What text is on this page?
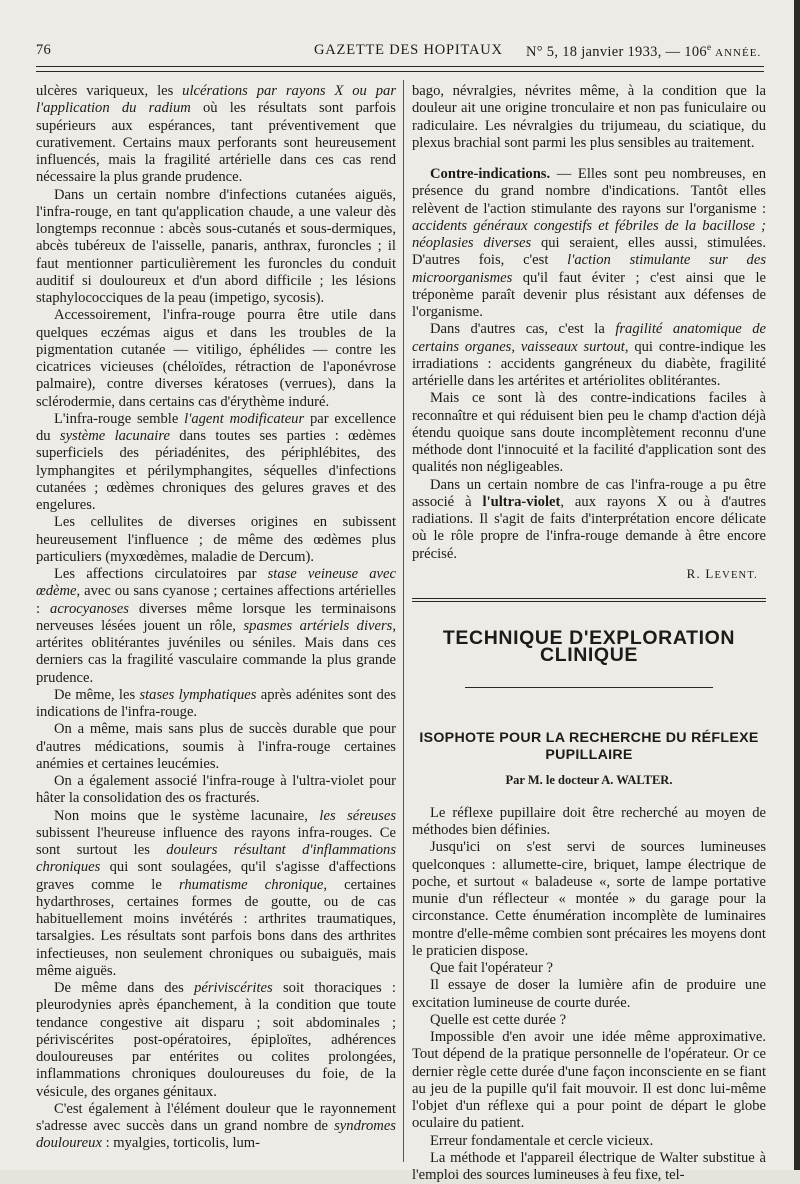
76	GAZETTE DES HOPITAUX N° 5, 18 janvier 1933, — 106e ANNÉE.

ulcères variqueux, les ulcérations par rayons X ou par l'application du radium où les résultats sont parfois supérieurs aux espérances, tant préventivement que curativement. Certains maux perforants sont heureusement influencés, mais la fragilité artérielle dans ces cas rend nécessaire la plus grande prudence.

Dans un certain nombre d'infections cutanées aiguës, l'infra-rouge, en tant qu'application chaude, a une valeur dès longtemps reconnue : abcès sous-cutanés et sous-dermiques, abcès tubéreux de l'aisselle, panaris, anthrax, furoncles ; il faut mentionner particulièrement les furoncles du conduit auditif si douloureux et d'un abord difficile ; les lésions staphylococciques de la peau (impetigo, sycosis).

Accessoirement, l'infra-rouge pourra être utile dans quelques eczémas aigus et dans les troubles de la pigmentation cutanée — vitiligo, éphélides — contre les cicatrices vicieuses (chéloïdes, rétraction de l'aponévrose palmaire), contre diverses kératoses (verrues), dans la sclérodermie, dans certains cas d'érythème induré.

L'infra-rouge semble l'agent modificateur par excellence du système lacunaire dans toutes ses parties : œdèmes superficiels des périadénites, des périphlébites, des lymphangites et périlymphangites, séquelles d'infections cutanées ; œdèmes chroniques des gelures graves et des engelures.

Les cellulites de diverses origines en subissent heureusement l'influence ; de même des œdèmes plus particuliers (myxœdèmes, maladie de Dercum).

Les affections circulatoires par stase veineuse avec œdème, avec ou sans cyanose ; certaines affections artérielles : acrocyanoses diverses même lorsque les terminaisons nerveuses lésées jouent un rôle, spasmes artériels divers, artérites oblitérantes juvéniles ou séniles. Mais dans ces derniers cas la fragilité vasculaire commande la plus grande prudence.

De même, les stases lymphatiques après adénites sont des indications de l'infra-rouge.

On a même, mais sans plus de succès durable que pour d'autres médications, soumis à l'infra-rouge certaines anémies et certaines leucémies.

On a également associé l'infra-rouge à l'ultra-violet pour hâter la consolidation des os fracturés.

Non moins que le système lacunaire, les séreuses subissent l'heureuse influence des rayons infra-rouges. Ce sont surtout les douleurs résultant d'inflammations chroniques qui sont soulagées, qu'il s'agisse d'affections graves comme le rhumatisme chronique, certaines hydarthroses, certaines formes de goutte, ou de cas habituellement moins invétérés : arthrites traumatiques, tarsalgies. Les résultats sont parfois bons dans des arthrites infectieuses, non seulement chroniques ou subaiguës, mais même aiguës.

De même dans des périviscérites soit thoraciques : pleurodynies après épanchement, à la condition que toute tendance congestive ait disparu ; soit abdominales ; périviscérites post-opératoires, épiploïtes, adhérences douloureuses par entérites ou colites prolongées, inflammations chroniques douloureuses du foie, de la vésicule, des organes génitaux.

C'est également à l'élément douleur que le rayonnement s'adresse avec succès dans un grand nombre de syndromes douloureux : myalgies, torticolis, lum-

bago, névralgies, névrites même, à la condition que la douleur ait une origine tronculaire et non pas funiculaire ou radiculaire. Les névralgies du trijumeau, du sciatique, du plexus brachial sont parmi les plus sensibles au traitement.

Contre-indications. — Elles sont peu nombreuses, en présence du grand nombre d'indications. Tantôt elles relèvent de l'action stimulante des rayons sur l'organisme : accidents généraux congestifs et fébriles de la bacillose ; néoplasies diverses qui seraient, elles aussi, stimulées. D'autres fois, c'est l'action stimulante sur des microorganismes qu'il faut éviter ; c'est ainsi que le tréponème paraît devenir plus résistant aux défenses de l'organisme.

Dans d'autres cas, c'est la fragilité anatomique de certains organes, vaisseaux surtout, qui contre-indique les irradiations : accidents gangréneux du diabète, fragilité artérielle dans les artérites et artériolites oblitérantes.

Mais ce sont là des contre-indications faciles à reconnaître et qui réduisent bien peu le champ d'action déjà étendu quoique sans doute incomplètement reconnu d'une méthode dont l'innocuité et la facilité d'application sont des qualités non négligeables.

Dans un certain nombre de cas l'infra-rouge a pu être associé à l'ultra-violet, aux rayons X ou à d'autres radiations. Il s'agit de faits d'interprétation encore délicate où le rôle propre de l'infra-rouge demande à être encore précisé.

R. LEVENT.
TECHNIQUE D'EXPLORATION CLINIQUE
ISOPHOTE POUR LA RECHERCHE DU RÉFLEXE
PUPILLAIRE
Par M. le docteur A. WALTER.

Le réflexe pupillaire doit être recherché au moyen de méthodes bien définies.

Jusqu'ici on s'est servi de sources lumineuses quelconques : allumette-cire, briquet, lampe électrique de poche, et surtout « baladeuse «, sorte de lampe portative munie d'un réflecteur « montée » du garage pour la circonstance. Cette énumération incomplète de luminaires montre d'elle-même combien sont précaires les moyens dont le praticien dispose.

Que fait l'opérateur ?

Il essaye de doser la lumière afin de produire une excitation lumineuse de courte durée.

Quelle est cette durée ?

Impossible d'en avoir une idée même approximative. Tout dépend de la pratique personnelle de l'opérateur. Or ce dernier règle cette durée d'une façon inconsciente en se fiant au jeu de la pupille qu'il fait mouvoir. Il est donc lui-même l'objet d'un réflexe qui a pour point de départ le globe oculaire du patient.

Erreur fondamentale et cercle vicieux.

La méthode et l'appareil électrique de Walter substitue à l'emploi des sources lumineuses à feu fixe, tel-
